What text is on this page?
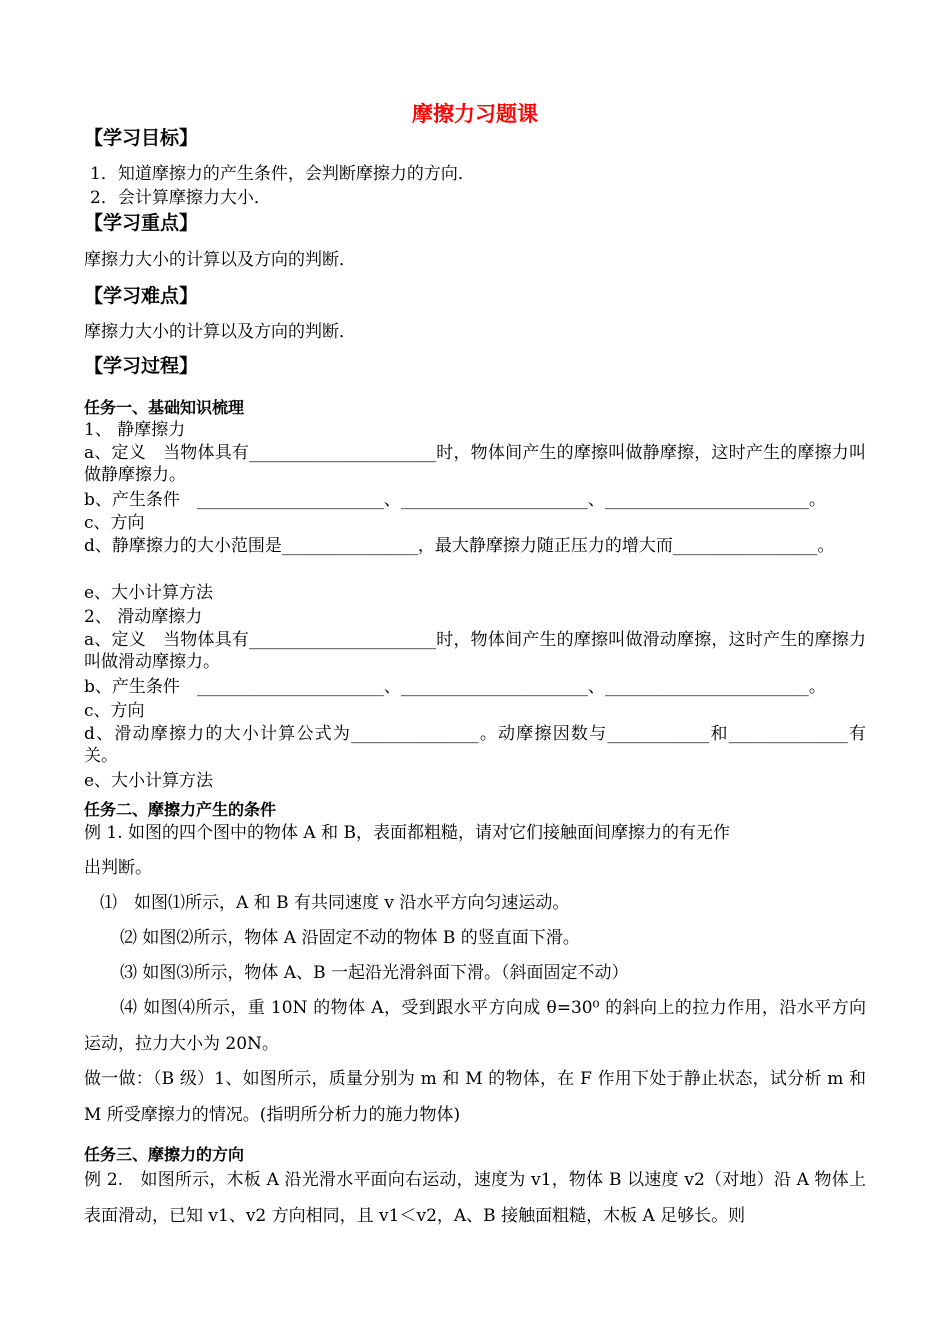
摩擦力习题课
【学习目标】
1．知道摩擦力的产生条件，会判断摩擦力的方向．
2．会计算摩擦力大小．
【学习重点】
摩擦力大小的计算以及方向的判断．
【学习难点】
摩擦力大小的计算以及方向的判断．
【学习过程】
任务一、基础知识梳理
1、 静摩擦力
a、定义　当物体具有______________________时，物体间产生的摩擦叫做静摩擦，这时产生的摩擦力叫做静摩擦力。
b、产生条件　______________________、______________________、________________________。
c、方向
d、静摩擦力的大小范围是________________，最大静摩擦力随正压力的增大而_________________。
e、大小计算方法
2、 滑动摩擦力
a、定义　当物体具有______________________时，物体间产生的摩擦叫做滑动摩擦，这时产生的摩擦力叫做滑动摩擦力。
b、产生条件　______________________、______________________、________________________。
c、方向
d、滑动摩擦力的大小计算公式为_______________。动摩擦因数与____________和______________有关。
e、大小计算方法
任务二、摩擦力产生的条件
例 1. 如图的四个图中的物体 A 和 B，表面都粗糙，请对它们接触面间摩擦力的有无作
出判断。
⑴　如图⑴所示，A 和 B 有共同速度 v 沿水平方向匀速运动。
⑵ 如图⑵所示，物体 A 沿固定不动的物体 B 的竖直面下滑。
⑶ 如图⑶所示，物体 A、B 一起沿光滑斜面下滑。（斜面固定不动）
⑷ 如图⑷所示，重 10N 的物体 A，受到跟水平方向成 θ=30⁰ 的斜向上的拉力作用，沿水平方向运动，拉力大小为 20N。
做一做：（B 级）1、如图所示，质量分别为 m 和 M 的物体，在 F 作用下处于静止状态，试分析 m 和 M 所受摩擦力的情况。(指明所分析力的施力物体)
任务三、摩擦力的方向
例 2.　如图所示，木板 A 沿光滑水平面向右运动，速度为 v1，物体 B 以速度 v2（对地）沿 A 物体上表面滑动，已知 v1、v2 方向相同，且 v1＜v2，A、B 接触面粗糙，木板 A 足够长。则
